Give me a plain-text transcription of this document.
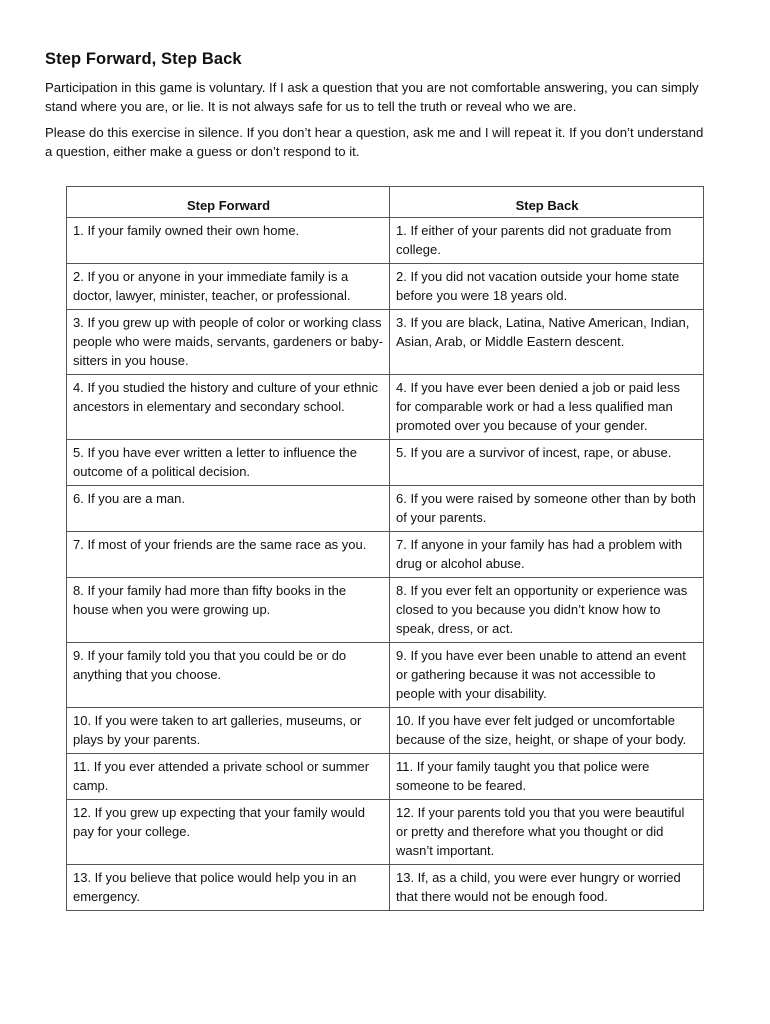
Step Forward, Step Back
Participation in this game is voluntary. If I ask a question that you are not comfortable answering, you can simply stand where you are, or lie. It is not always safe for us to tell the truth or reveal who we are.
Please do this exercise in silence. If you don’t hear a question, ask me and I will repeat it. If you don’t understand a question, either make a guess or don’t respond to it.
Step Forward	Step Back
1. If your family owned their own home.	1. If either of your parents did not graduate from college.
2. If you or anyone in your immediate family is a doctor, lawyer, minister, teacher, or professional.	2. If you did not vacation outside your home state before you were 18 years old.
3. If you grew up with people of color or working class people who were maids, servants, gardeners or baby-sitters in you house.	3. If you are black, Latina, Native American, Indian, Asian, Arab, or Middle Eastern descent.
4. If you studied the history and culture of your ethnic ancestors in elementary and secondary school.	4. If you have ever been denied a job or paid less for comparable work or had a less qualified man promoted over you because of your gender.
5. If you have ever written a letter to influence the outcome of a political decision.	5. If you are a survivor of incest, rape, or abuse.
6. If you are a man.	6. If you were raised by someone other than by both of your parents.
7. If most of your friends are the same race as you.	7. If anyone in your family has had a problem with drug or alcohol abuse.
8. If your family had more than fifty books in the house when you were growing up.	8. If you ever felt an opportunity or experience was closed to you because you didn’t know how to speak, dress, or act.
9. If your family told you that you could be or do anything that you choose.	9. If you have ever been unable to attend an event or gathering because it was not accessible to people with your disability.
10. If you were taken to art galleries, museums, or plays by your parents.	10. If you have ever felt judged or uncomfortable because of the size, height, or shape of your body.
11. If you ever attended a private school or summer camp.	11. If your family taught you that police were someone to be feared.
12. If you grew up expecting that your family would pay for your college.	12. If your parents told you that you were beautiful or pretty and therefore what you thought or did wasn’t important.
13. If you believe that police would help you in an emergency.	13. If, as a child, you were ever hungry or worried that there would not be enough food.
